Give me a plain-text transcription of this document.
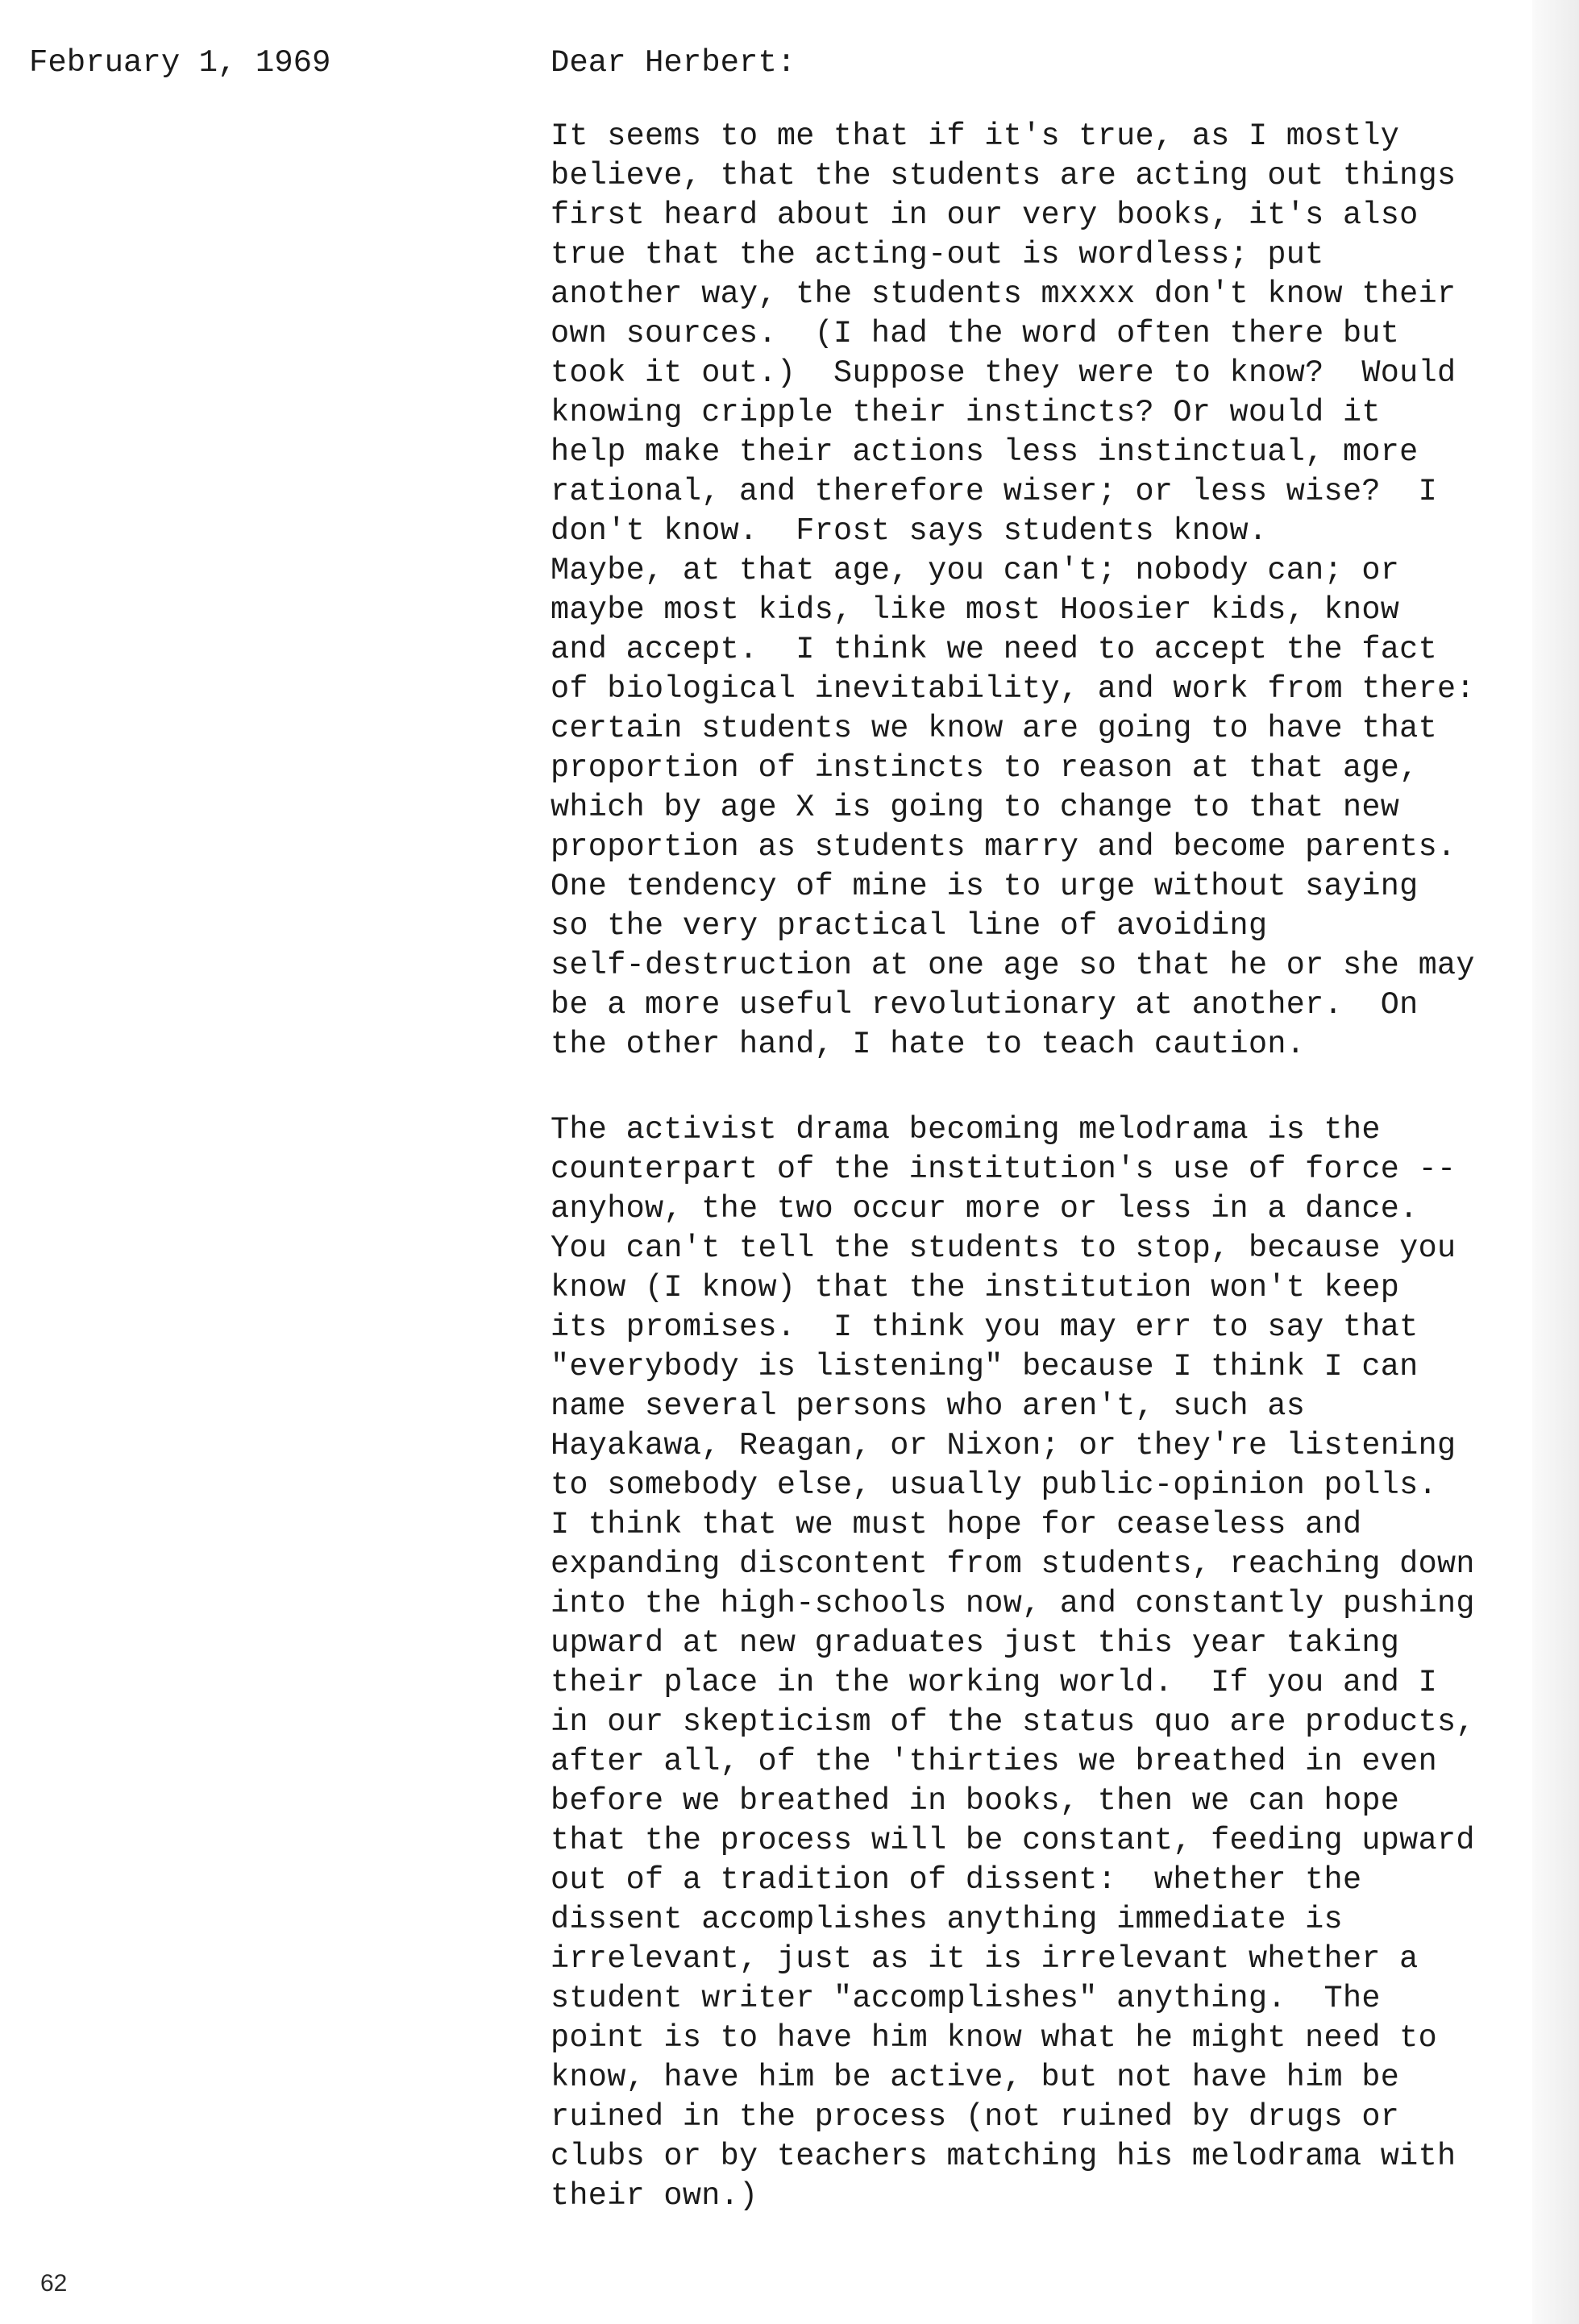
February 1, 1969	Dear Herbert:
It seems to me that if it's true, as I mostly
believe, that the students are acting out things
first heard about in our very books, it's also
true that the acting-out is wordless; put
another way, the students mxxxx don't know their
own sources.  (I had the word often there but
took it out.)  Suppose they were to know?  Would
knowing cripple their instincts? Or would it
help make their actions less instinctual, more
rational, and therefore wiser; or less wise?  I
don't know.  Frost says students know.
Maybe, at that age, you can't; nobody can; or
maybe most kids, like most Hoosier kids, know
and accept.  I think we need to accept the fact
of biological inevitability, and work from there:
certain students we know are going to have that
proportion of instincts to reason at that age,
which by age X is going to change to that new
proportion as students marry and become parents.
One tendency of mine is to urge without saying
so the very practical line of avoiding
self-destruction at one age so that he or she may
be a more useful revolutionary at another.  On
the other hand, I hate to teach caution.
The activist drama becoming melodrama is the
counterpart of the institution's use of force --
anyhow, the two occur more or less in a dance.
You can't tell the students to stop, because you
know (I know) that the institution won't keep
its promises.  I think you may err to say that
"everybody is listening" because I think I can
name several persons who aren't, such as
Hayakawa, Reagan, or Nixon; or they're listening
to somebody else, usually public-opinion polls.
I think that we must hope for ceaseless and
expanding discontent from students, reaching down
into the high-schools now, and constantly pushing
upward at new graduates just this year taking
their place in the working world.  If you and I
in our skepticism of the status quo are products,
after all, of the 'thirties we breathed in even
before we breathed in books, then we can hope
that the process will be constant, feeding upward
out of a tradition of dissent:  whether the
dissent accomplishes anything immediate is
irrelevant, just as it is irrelevant whether a
student writer "accomplishes" anything.  The
point is to have him know what he might need to
know, have him be active, but not have him be
ruined in the process (not ruined by drugs or
clubs or by teachers matching his melodrama with
their own.)
62
